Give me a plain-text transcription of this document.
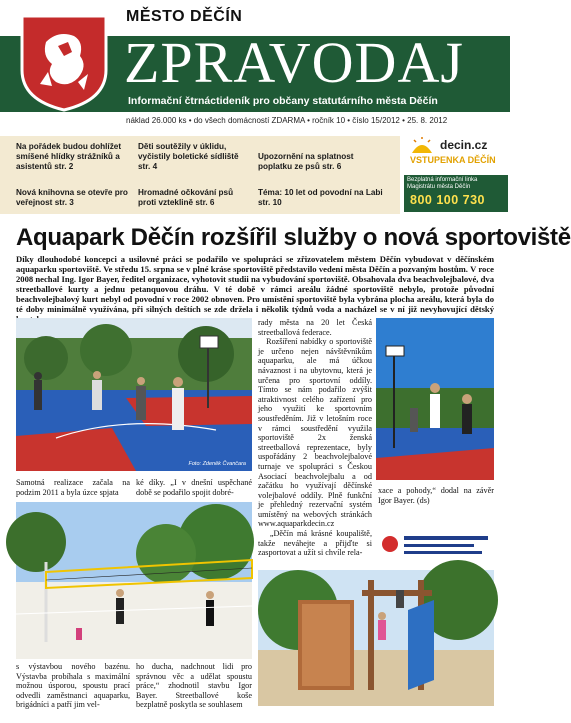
MĚSTO DĚČÍN
ZPRAVODAJ
Informační čtrnáctideník pro občany statutárního města Děčín
náklad 26.000 ks • do všech domácností ZDARMA • ročník 10 • číslo 15/2012 • 25. 8. 2012
Na pořádek budou dohlížet smíšené hlídky strážníků a asistentů str. 2
Nová knihovna se otevře pro veřejnost str. 3
Děti soutěžily v úklidu, vyčistily boletické sídliště str. 4
Hromadné očkování psů proti vzteklině str. 6
Upozornění na splatnost poplatku ze psů str. 6
Téma: 10 let od povodní na Labi str. 10
decin.cz
VSTUPENKA DĚČÍN
Bezplatná informační linka Magistrátu města Děčín
800 100 730
Aquapark Děčín rozšířil služby o nová sportoviště
Díky dlouhodobé koncepci a usilovné práci se podařilo ve spolupráci se zřizovatelem městem Děčín vybudovat v děčínském aquaparku sportoviště. Ve středu 15. srpna se v plné kráse sportoviště představilo vedení města Děčín a pozvaným hostům. V roce 2008 nechal Ing. Igor Bayer, ředitel organizace, vyhotovit studii na vybudování sportoviště. Obsahovala dva beachvolejbalové, dva streetballové kurty a jednu petanquovou dráhu. V té době v rámci areálu žádné sportoviště nebylo, protože původní beachvolejbalový kurt nebyl od povodní v roce 2002 obnoven. Pro umístění sportoviště byla vybrána plocha areálu, která byla do té doby minimálně využívána, při silných deštích se zde držela i několik týdnů voda a nacházel se v ní již nevyhovující dětský
Foto: Zdeněk Čvančara
Samotná realizace začala na podzim 2011 a byla úzce spjata
ké díky. „I v dnešní uspěchané době se podařilo spojit dobré-
s výstavbou nového bazénu. Výstavba probíhala s maximální možnou úsporou, spoustu prací odvedli zaměstnanci aquaparku, brigádníci a patří jim vel-
ho ducha, nadchnout lidi pro správnou věc a udělat spoustu práce,“ zhodnotil stavbu Igor Bayer. Streetballové koše bezplatně poskytla se souhlasem
rady města na 20 let Česká streetballová federace.
Rozšíření nabídky o sportoviště je určeno nejen návštěvníkům aquaparku, ale má účkou návaznost i na ubytovnu, která je určena pro sportovní oddíly. Tímto se nám podařilo zvýšit atraktivnost celého zařízení pro jeho využití ke sportovním soustředěním. Již v letošním roce v rámci soustředění využila sportoviště 2x ženská streetballová reprezentace, byly uspořádány 2 beachvolejbalové turnaje ve spolupráci s Českou Asociací beachvolejbalu a od začátku ho využívají děčínské volejbalové oddíly. Plně funkční je přehledný rezervační systém umístěný na webových stránkách www.aquaparkdecin.cz
„Děčín má krásné koupaliště, takže neváhejte a přijďte si zasportovat a užít si chvíle rela-
xace a pohody,“ dodal na závěr Igor Bayer. (ds)
